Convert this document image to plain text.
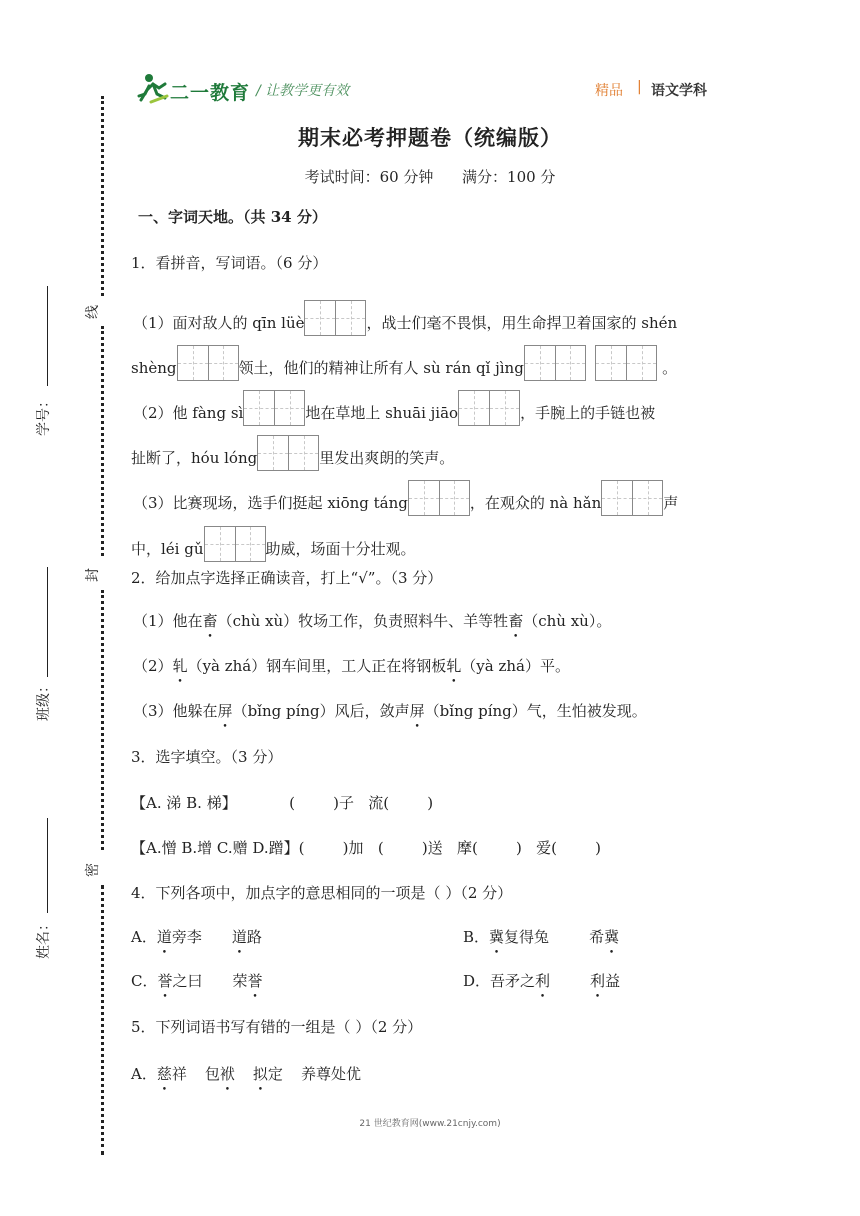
二一教育 / 让教学更有效	精品 | 语文学科
期末必考押题卷（统编版）
考试时间：60 分钟      满分：100 分
线
封
密
学号：
班级：
姓名：
一、字词天地。（共 34 分）
1．看拼音，写词语。（6 分）
（1）面对敌人的 qīn lüè	，战士们毫不畏惧，用生命捍卫着国家的 shén
shèng	领土，他们的精神让所有人 sù rán qǐ jìng	。
（2）他 fàng sì	地在草地上 shuāi jiāo	，手腕上的手链也被
扯断了，hóu lóng	里发出爽朗的笑声。
（3）比赛现场，选手们挺起 xiōng táng	，在观众的 nà hǎn	声
中，léi gǔ	助威，场面十分壮观。
2．给加点字选择正确读音，打上“√”。（3 分）
（1）他在畜（chù xù）牧场工作，负责照料牛、羊等牲畜（chù xù）。
（2）轧（yà zhá）钢车间里，工人正在将钢板轧（yà zhá）平。
（3）他躲在屏（bǐng píng）风后，敛声屏（bǐng píng）气，生怕被发现。
3．选字填空。（3 分）
【A. 涕 B. 梯】           (        )子   流(        )
【A.憎 B.增 C.赠 D.蹭】(        )加   (        )送   摩(        )   爱(        )
4．下列各项中，加点字的意思相同的一项是（ ）（2 分）
A．道旁李 道路	B．冀复得兔	希冀
C．誉之曰 荣誉	D．吾矛之利	利益
5．下列词语书写有错的一组是（ ）（2 分）
A．慈祥 包袱 拟定 养尊处优
21 世纪教育网(www.21cnjy.com)
